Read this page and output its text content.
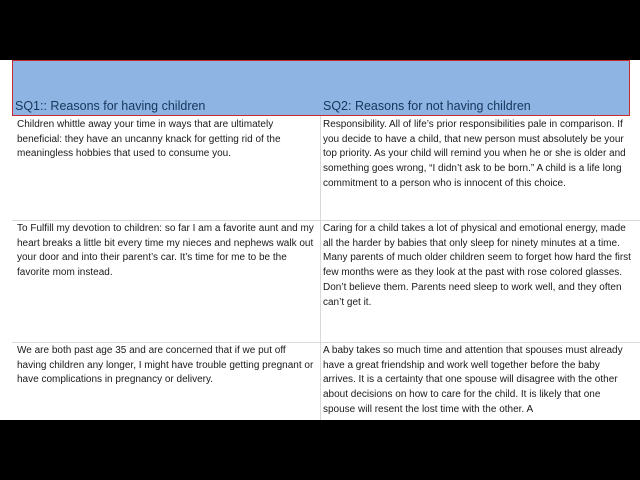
SQ1:: Reasons for having children	SQ2: Reasons for not having children
Children whittle away your time in ways that are ultimately beneficial: they have an uncanny knack for getting rid of the meaningless hobbies that used to consume you.
Responsibility. All of life’s prior responsibilities pale in comparison. If you decide to have a child, that new person must absolutely be your top priority. As your child will remind you when he or she is older and something goes wrong, “I didn’t ask to be born.” A child is a life long commitment to a person who is innocent of this choice.
To Fulfill my devotion to children: so far I am a favorite aunt and my heart breaks a little bit every time my nieces and nephews walk out your door and into their parent’s car. It’s time for me to be the favorite mom instead.
Caring for a child takes a lot of physical and emotional energy, made all the harder by babies that only sleep for ninety minutes at a time. Many parents of much older children seem to forget how hard the first few months were as they look at the past with rose colored glasses. Don’t believe them. Parents need sleep to work well, and they often can’t get it.
We are both past age 35 and are concerned that if we put off having children any longer, I might have trouble getting pregnant or have complications in pregnancy or delivery.
A baby takes so much time and attention that spouses must already have a great friendship and work well together before the baby arrives. It is a certainty that one spouse will disagree with the other about decisions on how to care for the child. It is likely that one spouse will resent the lost time with the other. A
